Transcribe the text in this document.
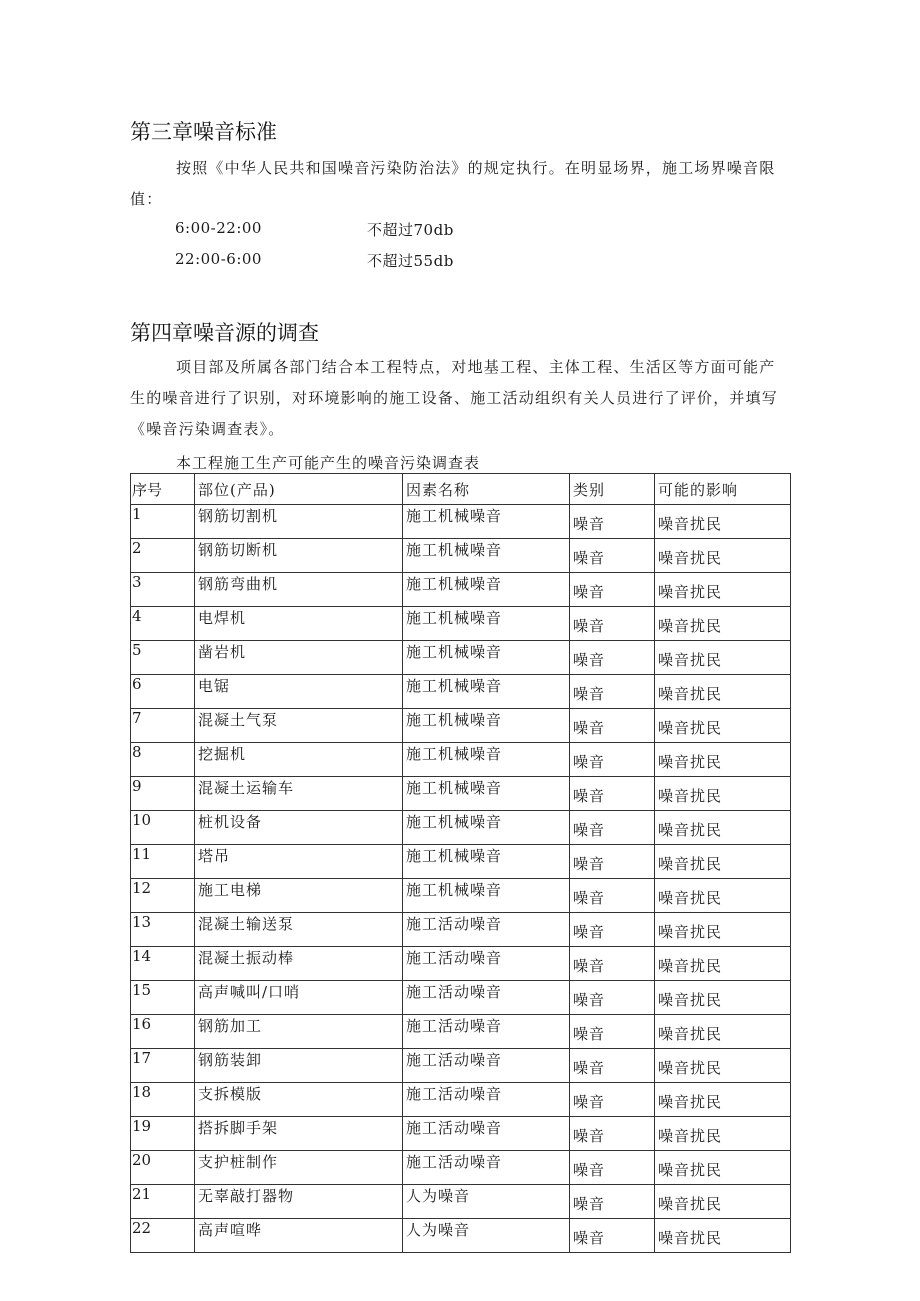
第三章噪音标准

按照《中华人民共和国噪音污染防治法》的规定执行。在明显场界，施工场界噪音限值：

6:00-22:00	不超过70db
22:00-6:00	不超过55db
第四章噪音源的调查

项目部及所属各部门结合本工程特点，对地基工程、主体工程、生活区等方面可能产生的噪音进行了识别，对环境影响的施工设备、施工活动组织有关人员进行了评价，并填写《噪音污染调查表》。

本工程施工生产可能产生的噪音污染调查表
序号	部位(产品)	因素名称	类别	可能的影响
1	钢筋切割机	施工机械噪音	噪音	噪音扰民
2	钢筋切断机	施工机械噪音	噪音	噪音扰民
3	钢筋弯曲机	施工机械噪音	噪音	噪音扰民
4	电焊机	施工机械噪音	噪音	噪音扰民
5	凿岩机	施工机械噪音	噪音	噪音扰民
6	电锯	施工机械噪音	噪音	噪音扰民
7	混凝土气泵	施工机械噪音	噪音	噪音扰民
8	挖掘机	施工机械噪音	噪音	噪音扰民
9	混凝土运输车	施工机械噪音	噪音	噪音扰民
10	桩机设备	施工机械噪音	噪音	噪音扰民
11	塔吊	施工机械噪音	噪音	噪音扰民
12	施工电梯	施工机械噪音	噪音	噪音扰民
13	混凝土输送泵	施工活动噪音	噪音	噪音扰民
14	混凝土振动棒	施工活动噪音	噪音	噪音扰民
15	高声喊叫/口哨	施工活动噪音	噪音	噪音扰民
16	钢筋加工	施工活动噪音	噪音	噪音扰民
17	钢筋装卸	施工活动噪音	噪音	噪音扰民
18	支拆模版	施工活动噪音	噪音	噪音扰民
19	搭拆脚手架	施工活动噪音	噪音	噪音扰民
20	支护桩制作	施工活动噪音	噪音	噪音扰民
21	无辜敲打器物	人为噪音	噪音	噪音扰民
22	高声喧哗	人为噪音	噪音	噪音扰民
